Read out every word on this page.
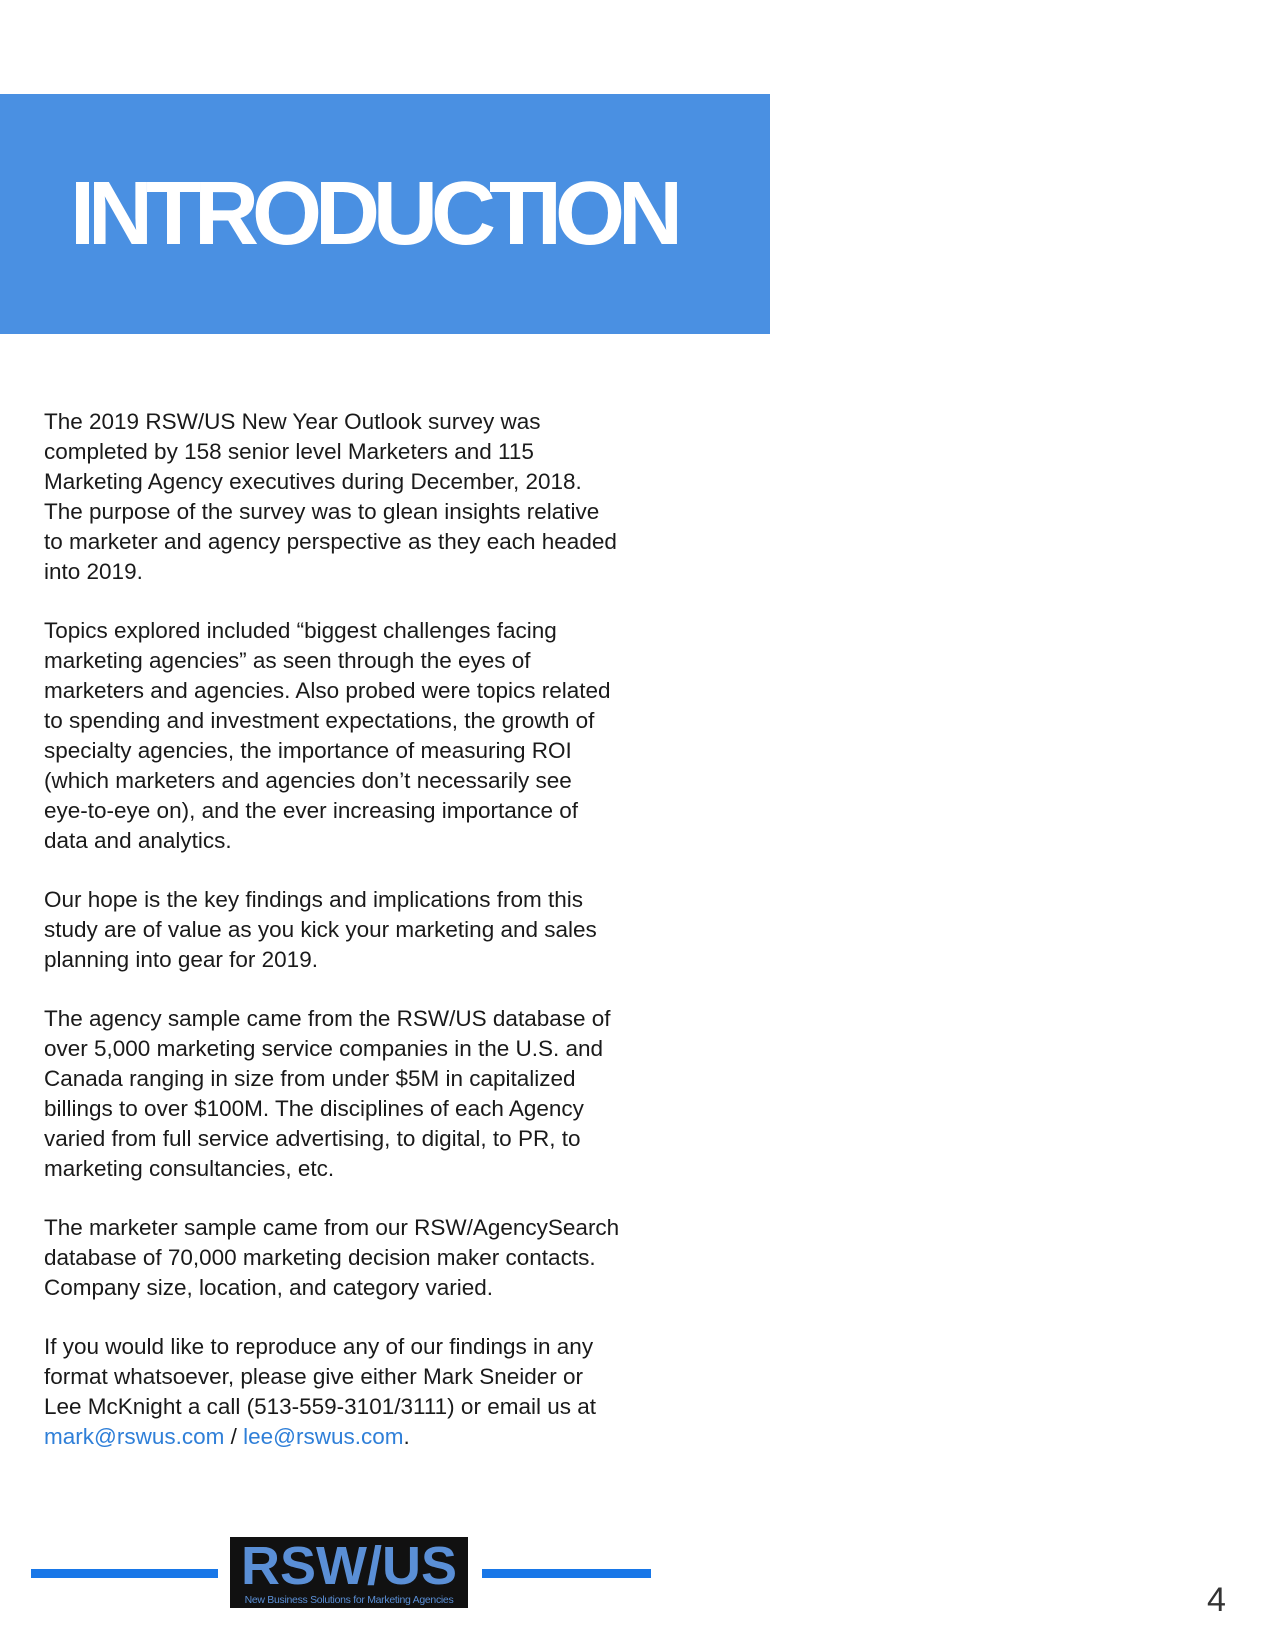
INTRODUCTION

The 2019 RSW/US New Year Outlook survey was
completed by 158 senior level Marketers and 115
Marketing Agency executives during December, 2018.
The purpose of the survey was to glean insights relative
to marketer and agency perspective as they each headed
into 2019.

Topics explored included “biggest challenges facing
marketing agencies” as seen through the eyes of
marketers and agencies. Also probed were topics related
to spending and investment expectations, the growth of
specialty agencies, the importance of measuring ROI
(which marketers and agencies don’t necessarily see
eye-to-eye on), and the ever increasing importance of
data and analytics.

Our hope is the key findings and implications from this
study are of value as you kick your marketing and sales
planning into gear for 2019.

The agency sample came from the RSW/US database of
over 5,000 marketing service companies in the U.S. and
Canada ranging in size from under $5M in capitalized
billings to over $100M. The disciplines of each Agency
varied from full service advertising, to digital, to PR, to
marketing consultancies, etc.

The marketer sample came from our RSW/AgencySearch
database of 70,000 marketing decision maker contacts.
Company size, location, and category varied.

If you would like to reproduce any of our findings in any
format whatsoever, please give either Mark Sneider or
Lee McKnight a call (513-559-3101/3111) or email us at
mark@rswus.com / lee@rswus.com.

RSW/US
New Business Solutions for Marketing Agencies	4
